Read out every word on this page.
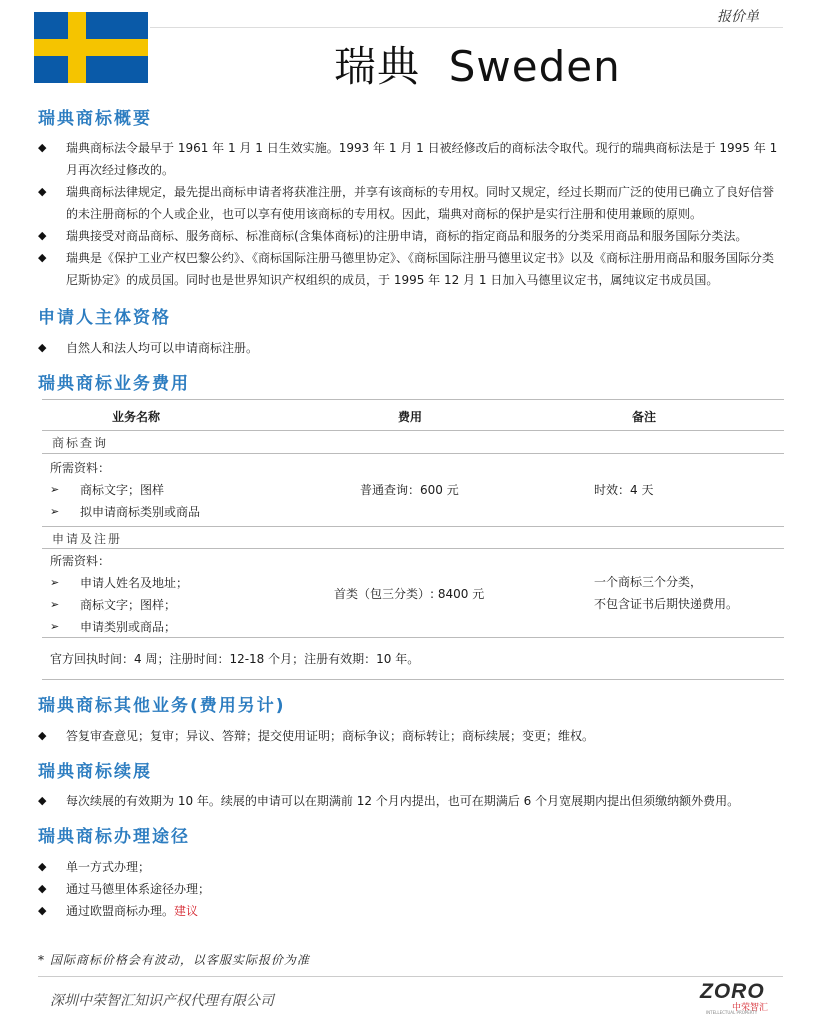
报价单
瑞典 Sweden
瑞典商标概要
◆ 瑞典商标法令最早于 1961 年 1 月 1 日生效实施。1993 年 1 月 1 日被经修改后的商标法令取代。现行的瑞典商标法是于 1995 年 1 月再次经过修改的。
◆ 瑞典商标法律规定，最先提出商标申请者将获准注册，并享有该商标的专用权。同时又规定，经过长期而广泛的使用已确立了良好信誉的未注册商标的个人或企业，也可以享有使用该商标的专用权。因此，瑞典对商标的保护是实行注册和使用兼顾的原则。
◆ 瑞典接受对商品商标、服务商标、标准商标(含集体商标)的注册申请，商标的指定商品和服务的分类采用商品和服务国际分类法。
◆ 瑞典是《保护工业产权巴黎公约》、《商标国际注册马德里协定》、《商标国际注册马德里议定书》以及《商标注册用商品和服务国际分类尼斯协定》的成员国。同时也是世界知识产权组织的成员，于 1995 年 12 月 1 日加入马德里议定书，属纯议定书成员国。
申请人主体资格
◆ 自然人和法人均可以申请商标注册。
瑞典商标业务费用
业务名称	费用	备注
商标查询
所需资料：
➢ 商标文字；图样
➢ 拟申请商标类别或商品
普通查询：600 元	时效：4 天
申请及注册
所需资料：
➢ 申请人姓名及地址；
➢ 商标文字；图样；
➢ 申请类别或商品；
首类（包三分类）: 8400 元
一个商标三个分类，
不包含证书后期快递费用。
官方回执时间：4 周；注册时间：12-18 个月；注册有效期：10 年。
瑞典商标其他业务(费用另计)
◆ 答复审查意见；复审；异议、答辩；提交使用证明；商标争议；商标转让；商标续展；变更；维权。
瑞典商标续展
◆ 每次续展的有效期为 10 年。续展的申请可以在期满前 12 个月内提出，也可在期满后 6 个月宽展期内提出但须缴纳额外费用。
瑞典商标办理途径
◆ 单一方式办理；
◆ 通过马德里体系途径办理；
◆ 通过欧盟商标办理。建议
* 国际商标价格会有波动，以客服实际报价为准
深圳中荣智汇知识产权代理有限公司	ZORO
中荣智汇
INTELLECTUAL PROPERTY
